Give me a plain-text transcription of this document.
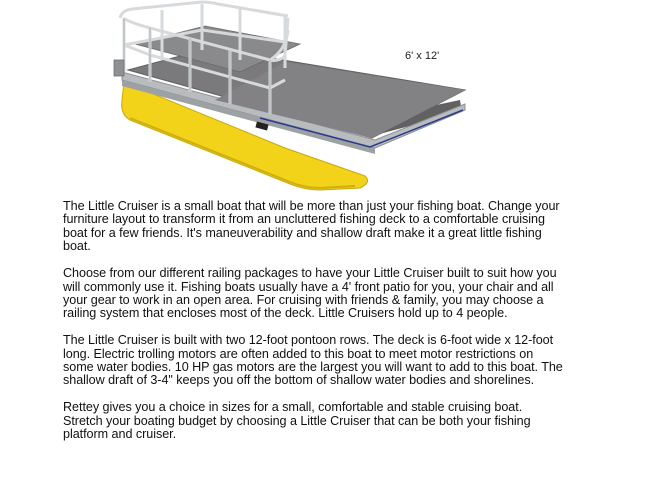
6' x 12'

The Little Cruiser is a small boat that will be more than just your fishing boat. Change your furniture layout to transform it from an uncluttered fishing deck to a comfortable cruising boat for a few friends. It's maneuverability and shallow draft make it a great little fishing boat.

Choose from our different railing packages to have your Little Cruiser built to suit how you will commonly use it. Fishing boats usually have a 4' front patio for you, your chair and all your gear to work in an open area. For cruising with friends & family, you may choose a railing system that encloses most of the deck. Little Cruisers hold up to 4 people.

The Little Cruiser is built with two 12-foot pontoon rows. The deck is 6-foot wide x 12-foot long. Electric trolling motors are often added to this boat to meet motor restrictions on some water bodies. 10 HP gas motors are the largest you will want to add to this boat. The shallow draft of 3-4" keeps you off the bottom of shallow water bodies and shorelines.

Rettey gives you a choice in sizes for a small, comfortable and stable cruising boat. Stretch your boating budget by choosing a Little Cruiser that can be both your fishing platform and cruiser.
